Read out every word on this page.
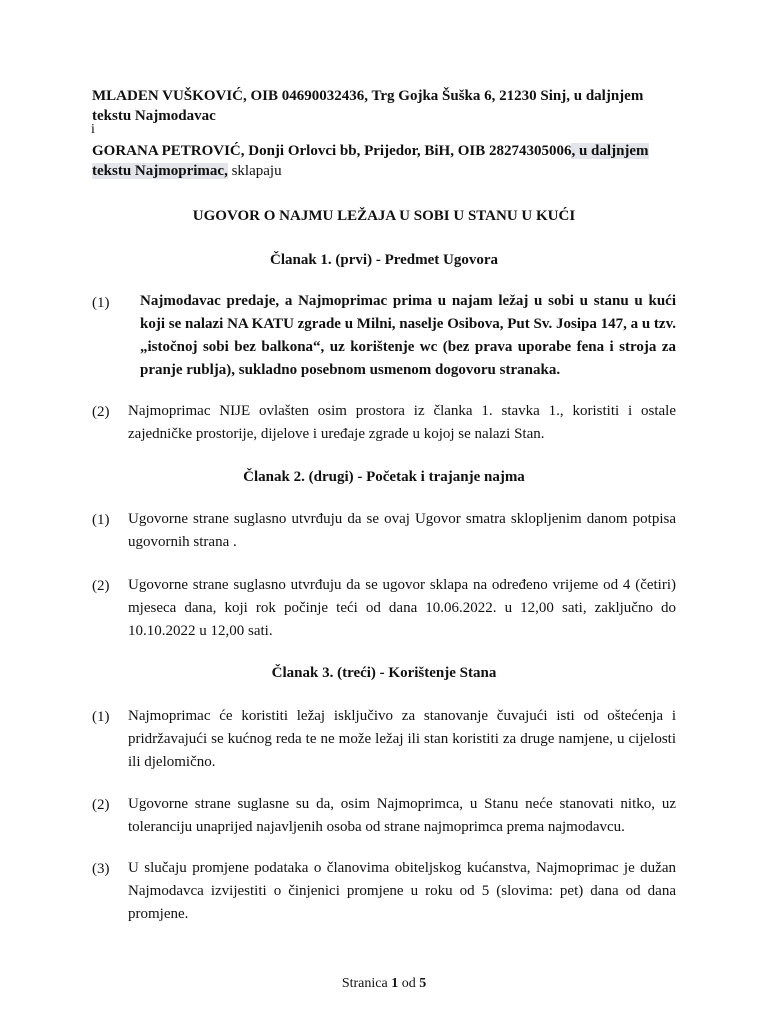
MLADEN VUŠKOVIĆ, OIB 04690032436, Trg Gojka Šuška 6, 21230 Sinj, u daljnjem tekstu Najmodavac
i
GORANA PETROVIĆ, Donji Orlovci bb, Prijedor, BiH, OIB 28274305006, u daljnjem tekstu Najmoprimac, sklapaju
UGOVOR O NAJMU LEŽAJA U SOBI U STANU U KUĆI
Članak 1. (prvi) - Predmet Ugovora
(1) Najmodavac predaje, a Najmoprimac prima u najam ležaj u sobi u stanu u kući koji se nalazi NA KATU zgrade u Milni, naselje Osibova, Put Sv. Josipa 147, a u tzv. „istočnoj sobi bez balkona“, uz korištenje wc (bez prava uporabe fena i stroja za pranje rublja), sukladno posebnom usmenom dogovoru stranaka.
(2) Najmoprimac NIJE ovlašten osim prostora iz članka 1. stavka 1., koristiti i ostale zajedničke prostorije, dijelove i uređaje zgrade u kojoj se nalazi Stan.
Članak 2. (drugi) - Početak i trajanje najma
(1) Ugovorne strane suglasno utvrđuju da se ovaj Ugovor smatra sklopljenim danom potpisa ugovornih strana .
(2) Ugovorne strane suglasno utvrđuju da se ugovor sklapa na određeno vrijeme od 4 (četiri) mjeseca dana, koji rok počinje teći od dana 10.06.2022. u 12,00 sati, zaključno do 10.10.2022 u 12,00 sati.
Članak 3. (treći) - Korištenje Stana
(1) Najmoprimac će koristiti ležaj isključivo za stanovanje čuvajući isti od oštećenja i pridržavajući se kućnog reda te ne može ležaj ili stan koristiti za druge namjene, u cijelosti ili djelomično.
(2) Ugovorne strane suglasne su da, osim Najmoprimca, u Stanu neće stanovati nitko, uz toleranciju unaprijed najavljenih osoba od strane najmoprimca prema najmodavcu.
(3) U slučaju promjene podataka o članovima obiteljskog kućanstva, Najmoprimac je dužan Najmodavca izvijestiti o činjenici promjene u roku od 5 (slovima: pet) dana od dana promjene.
Stranica 1 od 5
